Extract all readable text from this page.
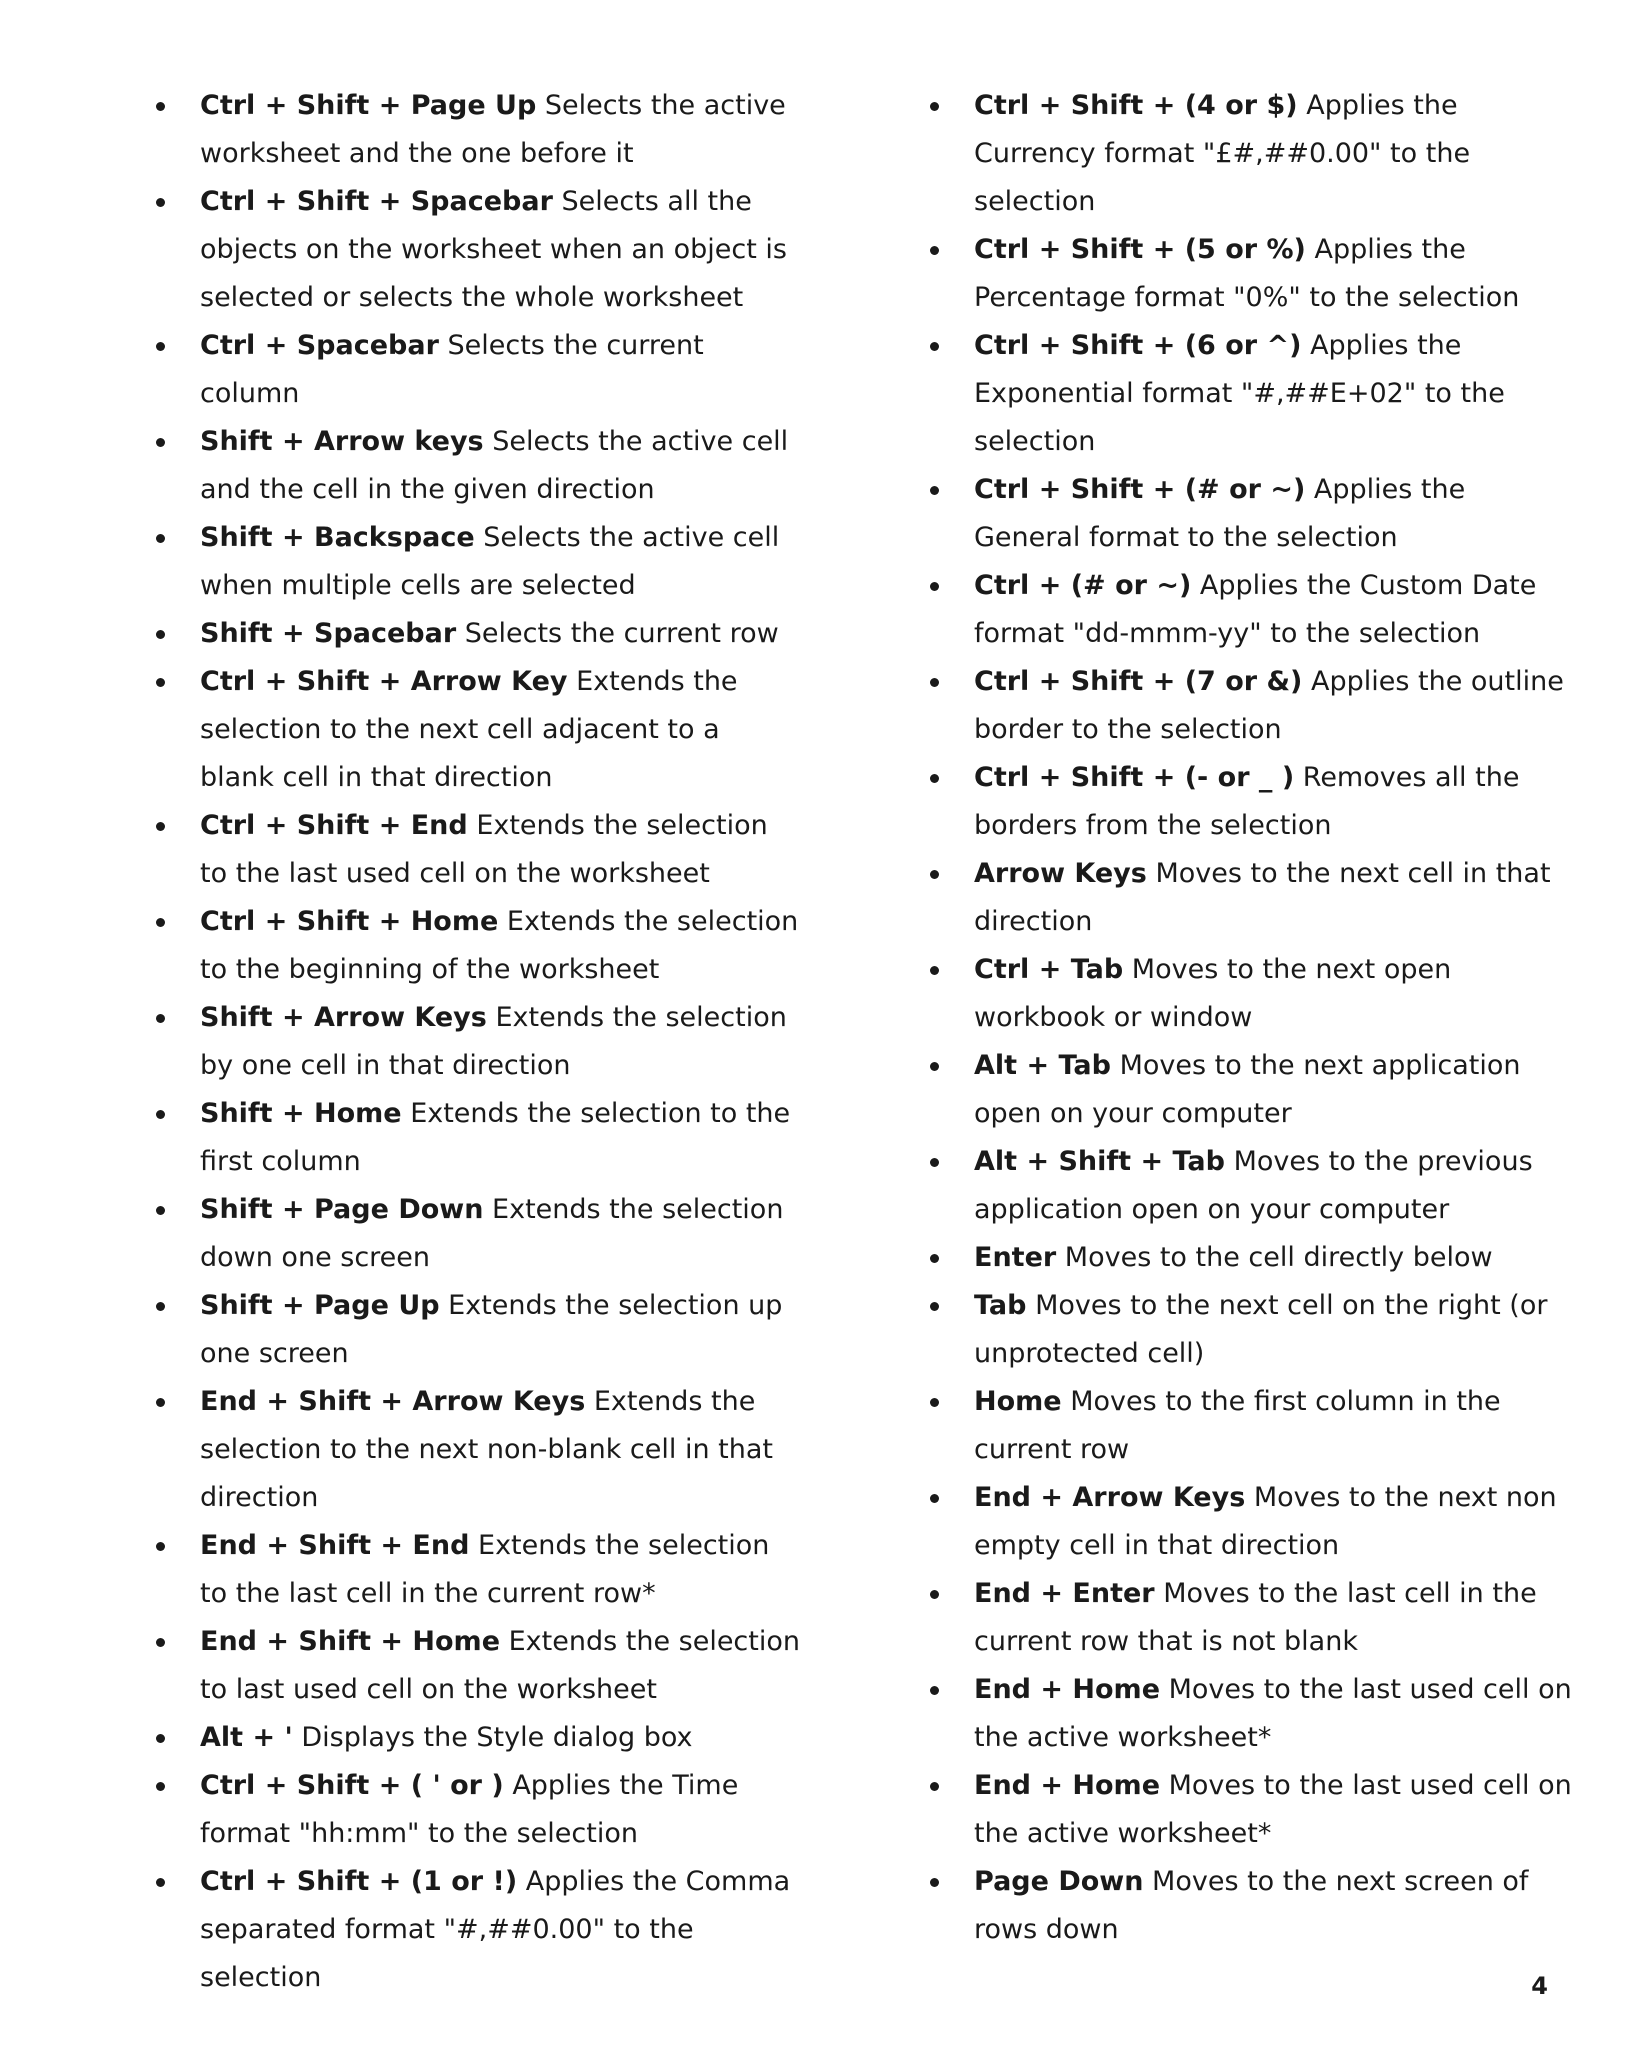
Ctrl + Shift + Page Up Selects the active worksheet and the one before it
Ctrl + Shift + Spacebar Selects all the objects on the worksheet when an object is selected or selects the whole worksheet
Ctrl + Spacebar Selects the current column
Shift + Arrow keys Selects the active cell and the cell in the given direction
Shift + Backspace Selects the active cell when multiple cells are selected
Shift + Spacebar Selects the current row
Ctrl + Shift + Arrow Key Extends the selection to the next cell adjacent to a blank cell in that direction
Ctrl + Shift + End Extends the selection to the last used cell on the worksheet
Ctrl + Shift + Home Extends the selection to the beginning of the worksheet
Shift + Arrow Keys Extends the selection by one cell in that direction
Shift + Home Extends the selection to the first column
Shift + Page Down Extends the selection down one screen
Shift + Page Up Extends the selection up one screen
End + Shift + Arrow Keys Extends the selection to the next non-blank cell in that direction
End + Shift + End Extends the selection to the last cell in the current row*
End + Shift + Home Extends the selection to last used cell on the worksheet
Alt + ' Displays the Style dialog box
Ctrl + Shift + ( ' or ) Applies the Time format "hh:mm" to the selection
Ctrl + Shift + (1 or !) Applies the Comma separated format "#,##0.00" to the selection
Ctrl + Shift + (4 or $) Applies the Currency format "£#,##0.00" to the selection
Ctrl + Shift + (5 or %) Applies the Percentage format "0%" to the selection
Ctrl + Shift + (6 or ^) Applies the Exponential format "#,##E+02" to the selection
Ctrl + Shift + (# or ~) Applies the General format to the selection
Ctrl + (# or ~) Applies the Custom Date format "dd-mmm-yy" to the selection
Ctrl + Shift + (7 or &) Applies the outline border to the selection
Ctrl + Shift + (- or _ ) Removes all the borders from the selection
Arrow Keys Moves to the next cell in that direction
Ctrl + Tab Moves to the next open workbook or window
Alt + Tab Moves to the next application open on your computer
Alt + Shift + Tab Moves to the previous application open on your computer
Enter Moves to the cell directly below
Tab Moves to the next cell on the right (or unprotected cell)
Home Moves to the first column in the current row
End + Arrow Keys Moves to the next non empty cell in that direction
End + Enter Moves to the last cell in the current row that is not blank
End + Home Moves to the last used cell on the active worksheet*
End + Home Moves to the last used cell on the active worksheet*
Page Down Moves to the next screen of rows down
4
